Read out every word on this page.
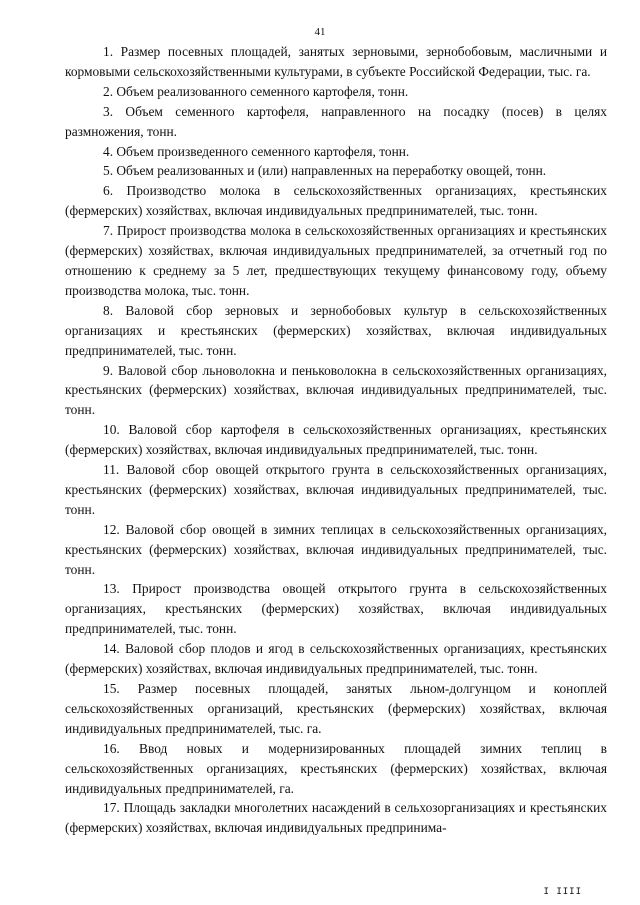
41

1. Размер посевных площадей, занятых зерновыми, зернобобовым, масличными и кормовыми сельскохозяйственными культурами, в субъекте Российской Федерации, тыс. га.

2. Объем реализованного семенного картофеля, тонн.

3. Объем семенного картофеля, направленного на посадку (посев) в целях размножения, тонн.

4. Объем произведенного семенного картофеля, тонн.

5. Объем реализованных и (или) направленных на переработку овощей, тонн.

6. Производство молока в сельскохозяйственных организациях, крестьянских (фермерских) хозяйствах, включая индивидуальных предпринимателей, тыс. тонн.

7. Прирост производства молока в сельскохозяйственных организациях и крестьянских (фермерских) хозяйствах, включая индивидуальных предпринимателей, за отчетный год по отношению к среднему за 5 лет, предшествующих текущему финансовому году, объему производства молока, тыс. тонн.

8. Валовой сбор зерновых и зернобобовых культур в сельскохозяйственных организациях и крестьянских (фермерских) хозяйствах, включая индивидуальных предпринимателей, тыс. тонн.

9. Валовой сбор льноволокна и пеньковолокна в сельскохозяйственных организациях, крестьянских (фермерских) хозяйствах, включая индивидуальных предпринимателей, тыс. тонн.

10. Валовой сбор картофеля в сельскохозяйственных организациях, крестьянских (фермерских) хозяйствах, включая индивидуальных предпринимателей, тыс. тонн.

11. Валовой сбор овощей открытого грунта в сельскохозяйственных организациях, крестьянских (фермерских) хозяйствах, включая индивидуальных предпринимателей, тыс. тонн.

12. Валовой сбор овощей в зимних теплицах в сельскохозяйственных организациях, крестьянских (фермерских) хозяйствах, включая индивидуальных предпринимателей, тыс. тонн.

13. Прирост производства овощей открытого грунта в сельскохозяйственных организациях, крестьянских (фермерских) хозяйствах, включая индивидуальных предпринимателей, тыс. тонн.

14. Валовой сбор плодов и ягод в сельскохозяйственных организациях, крестьянских (фермерских) хозяйствах, включая индивидуальных предпринимателей, тыс. тонн.

15. Размер посевных площадей, занятых льном-долгунцом и коноплей сельскохозяйственных организаций, крестьянских (фермерских) хозяйствах, включая индивидуальных предпринимателей, тыс. га.

16. Ввод новых и модернизированных площадей зимних теплиц в сельскохозяйственных организациях, крестьянских (фермерских) хозяйствах, включая индивидуальных предпринимателей, га.

17. Площадь закладки многолетних насаждений в сельхозорганизациях и крестьянских (фермерских) хозяйствах, включая индивидуальных предпринима-

I IIII
